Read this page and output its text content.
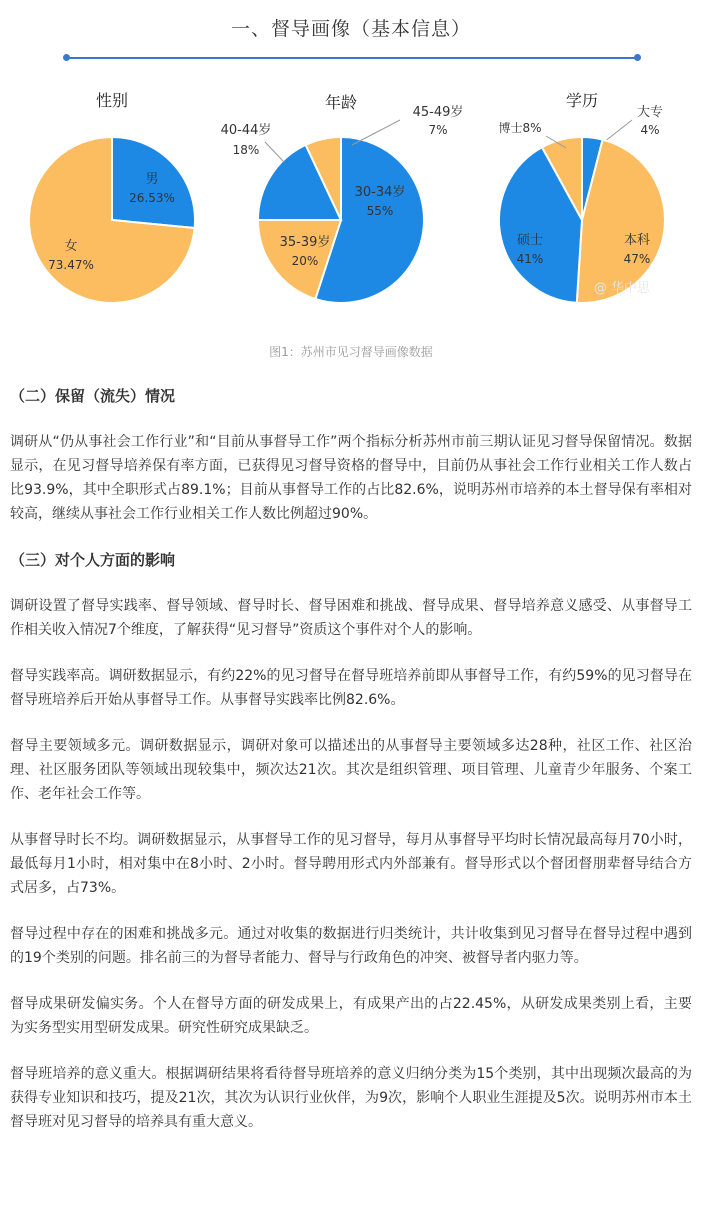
一、督导画像（基本信息）
性别
男
26.53%
女
73.47%
年龄
30-34岁
55%
35-39岁
20%
40-44岁
18%
45-49岁
7%
学历
大专
4%
本科
47%
硕士
41%
博士8%
@ 华中思
图1：苏州市见习督导画像数据
（二）保留（流失）情况
调研从“仍从事社会工作行业”和“目前从事督导工作”两个指标分析苏州市前三期认证见习督导保留情况。数据显示，在见习督导培养保有率方面，已获得见习督导资格的督导中，目前仍从事社会工作行业相关工作人数占比93.9%，其中全职形式占89.1%；目前从事督导工作的占比82.6%，说明苏州市培养的本土督导保有率相对较高，继续从事社会工作行业相关工作人数比例超过90%。
（三）对个人方面的影响
调研设置了督导实践率、督导领域、督导时长、督导困难和挑战、督导成果、督导培养意义感受、从事督导工作相关收入情况7个维度，了解获得“见习督导”资质这个事件对个人的影响。
督导实践率高。调研数据显示，有约22%的见习督导在督导班培养前即从事督导工作，有约59%的见习督导在督导班培养后开始从事督导工作。从事督导实践率比例82.6%。
督导主要领域多元。调研数据显示，调研对象可以描述出的从事督导主要领域多达28种，社区工作、社区治理、社区服务团队等领域出现较集中，频次达21次。其次是组织管理、项目管理、儿童青少年服务、个案工作、老年社会工作等。
从事督导时长不均。调研数据显示，从事督导工作的见习督导，每月从事督导平均时长情况最高每月70小时，最低每月1小时，相对集中在8小时、2小时。督导聘用形式内外部兼有。督导形式以个督团督朋辈督导结合方式居多，占73%。
督导过程中存在的困难和挑战多元。通过对收集的数据进行归类统计，共计收集到见习督导在督导过程中遇到的19个类别的问题。排名前三的为督导者能力、督导与行政角色的冲突、被督导者内驱力等。
督导成果研发偏实务。个人在督导方面的研发成果上，有成果产出的占22.45%，从研发成果类别上看，主要为实务型实用型研发成果。研究性研究成果缺乏。
督导班培养的意义重大。根据调研结果将看待督导班培养的意义归纳分类为15个类别，其中出现频次最高的为获得专业知识和技巧，提及21次，其次为认识行业伙伴，为9次，影响个人职业生涯提及5次。说明苏州市本土督导班对见习督导的培养具有重大意义。
